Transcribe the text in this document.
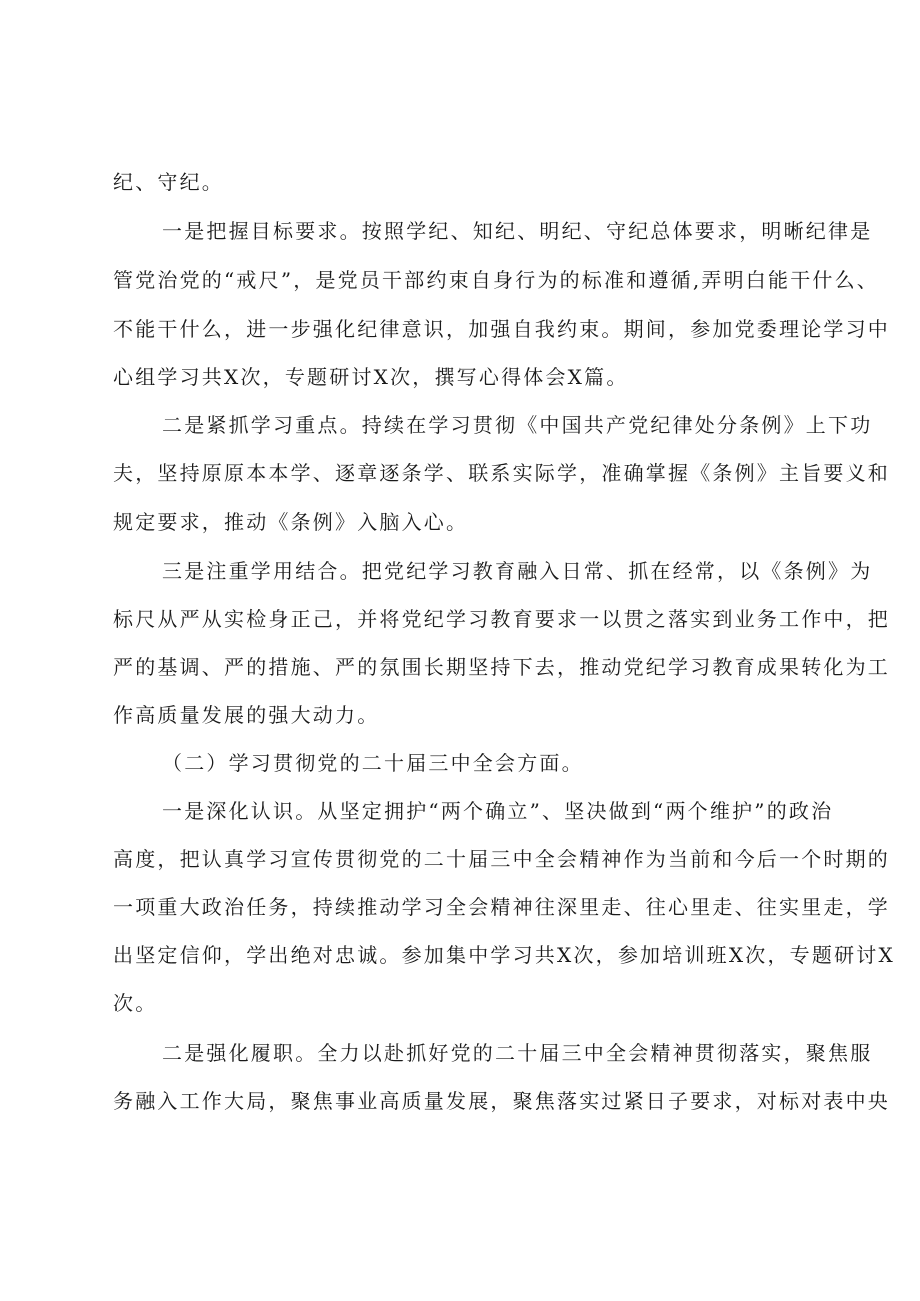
纪、守纪。
一是把握目标要求。按照学纪、知纪、明纪、守纪总体要求，明晰纪律是
管党治党的“戒尺”，是党员干部约束自身行为的标准和遵循,弄明白能干什么、
不能干什么，进一步强化纪律意识，加强自我约束。期间，参加党委理论学习中
心组学习共X次，专题研讨X次，撰写心得体会X篇。
二是紧抓学习重点。持续在学习贯彻《中国共产党纪律处分条例》上下功
夫，坚持原原本本学、逐章逐条学、联系实际学，准确掌握《条例》主旨要义和
规定要求，推动《条例》入脑入心。
三是注重学用结合。把党纪学习教育融入日常、抓在经常，以《条例》为
标尺从严从实检身正己，并将党纪学习教育要求一以贯之落实到业务工作中，把
严的基调、严的措施、严的氛围长期坚持下去，推动党纪学习教育成果转化为工
作高质量发展的强大动力。
（二）学习贯彻党的二十届三中全会方面。
一是深化认识。从坚定拥护“两个确立”、坚决做到“两个维护”的政治
高度，把认真学习宣传贯彻党的二十届三中全会精神作为当前和今后一个时期的
一项重大政治任务，持续推动学习全会精神往深里走、往心里走、往实里走，学
出坚定信仰，学出绝对忠诚。参加集中学习共X次，参加培训班X次，专题研讨X
次。
二是强化履职。全力以赴抓好党的二十届三中全会精神贯彻落实，聚焦服
务融入工作大局，聚焦事业高质量发展，聚焦落实过紧日子要求，对标对表中央
